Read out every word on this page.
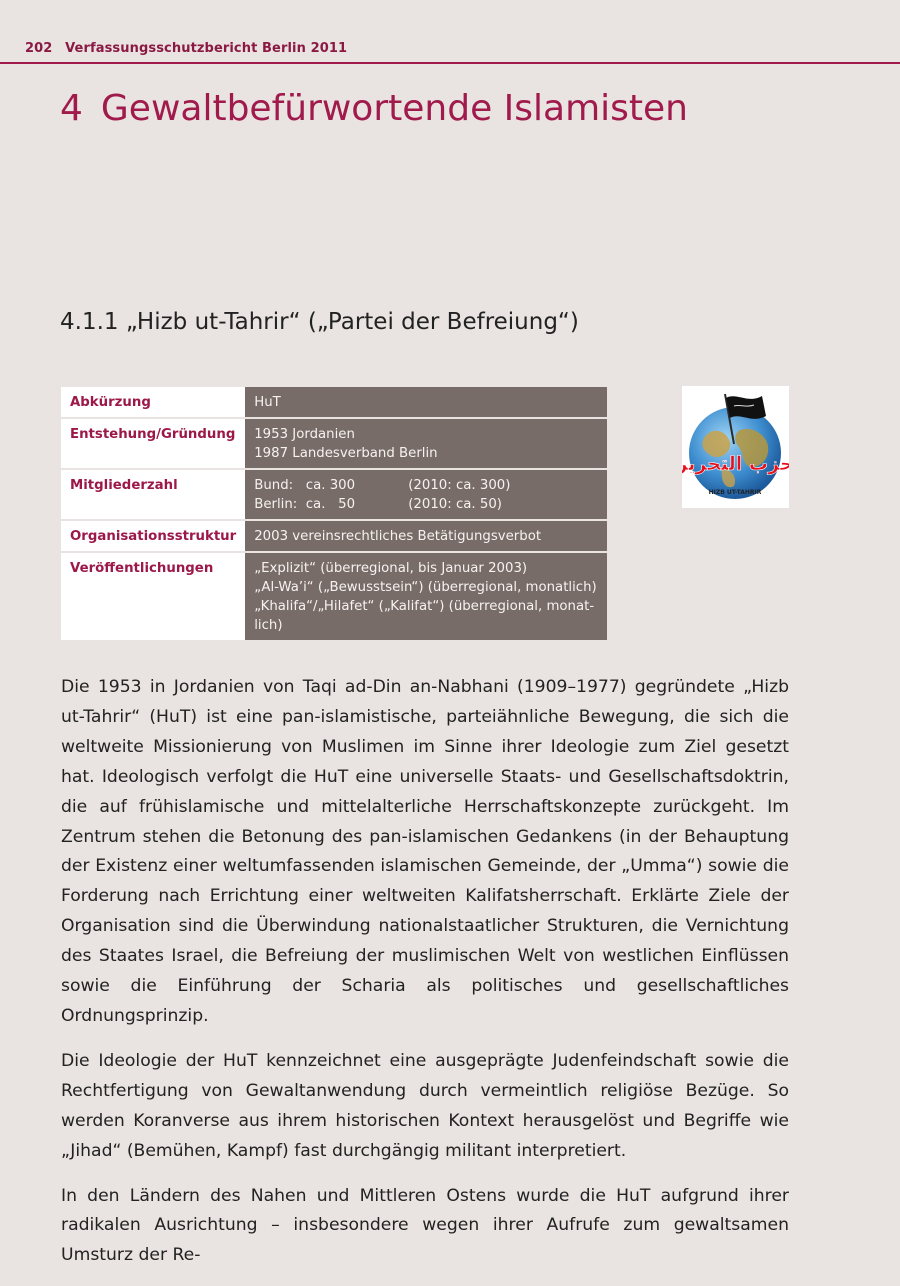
202 Verfassungsschutzbericht Berlin 2011
4 Gewaltbefürwortende Islamisten
4.1.1 „Hizb ut-Tahrir“ („Partei der Befreiung“)
Abkürzung	HuT

Entstehung/Gründung	1953 Jordanien
1987 Landesverband Berlin

Mitgliederzahl	Bund:   ca. 300 (2010: ca. 300)
Berlin:  ca.   50 (2010: ca. 50)

Organisationsstruktur	2003 vereinsrechtliches Betätigungsverbot

Veröffentlichungen	„Explizit“ (überregional, bis Januar 2003)
„Al-Wa’i“ („Bewusstsein“) (überregional, monatlich)
„Khalifa“/„Hilafet“ („Kalifat“) (überregional, monat-
lich)
حزب التحرير
HIZB UT-TAHRIR

Die 1953 in Jordanien von Taqi ad-Din an-Nabhani (1909–1977) gegründete „Hizb ut-Tahrir“ (HuT) ist eine pan-islamistische, parteiähnliche Bewegung, die sich die weltweite Missionierung von Muslimen im Sinne ihrer Ideologie zum Ziel gesetzt hat. Ideologisch verfolgt die HuT eine universelle Staats- und Gesellschaftsdoktrin, die auf frühislamische und mittelalterliche Herrschaftskonzepte zurückgeht. Im Zentrum stehen die Betonung des pan-islamischen Gedankens (in der Behauptung der Existenz einer weltumfassenden islamischen Gemeinde, der „Umma“) sowie die Forderung nach Errichtung einer weltweiten Kalifatsherrschaft. Erklärte Ziele der Organisation sind die Überwindung nationalstaatlicher Strukturen, die Vernichtung des Staates Israel, die Befreiung der muslimischen Welt von westlichen Einflüssen sowie die Einführung der Scharia als politisches und gesellschaftliches Ordnungsprinzip.

Die Ideologie der HuT kennzeichnet eine ausgeprägte Judenfeindschaft sowie die Rechtfertigung von Gewaltanwendung durch vermeintlich religiöse Bezüge. So werden Koranverse aus ihrem historischen Kontext herausgelöst und Begriffe wie „Jihad“ (Bemühen, Kampf) fast durchgängig militant interpretiert.

In den Ländern des Nahen und Mittleren Ostens wurde die HuT aufgrund ihrer radikalen Ausrichtung – insbesondere wegen ihrer Aufrufe zum gewaltsamen Umsturz der Re-
